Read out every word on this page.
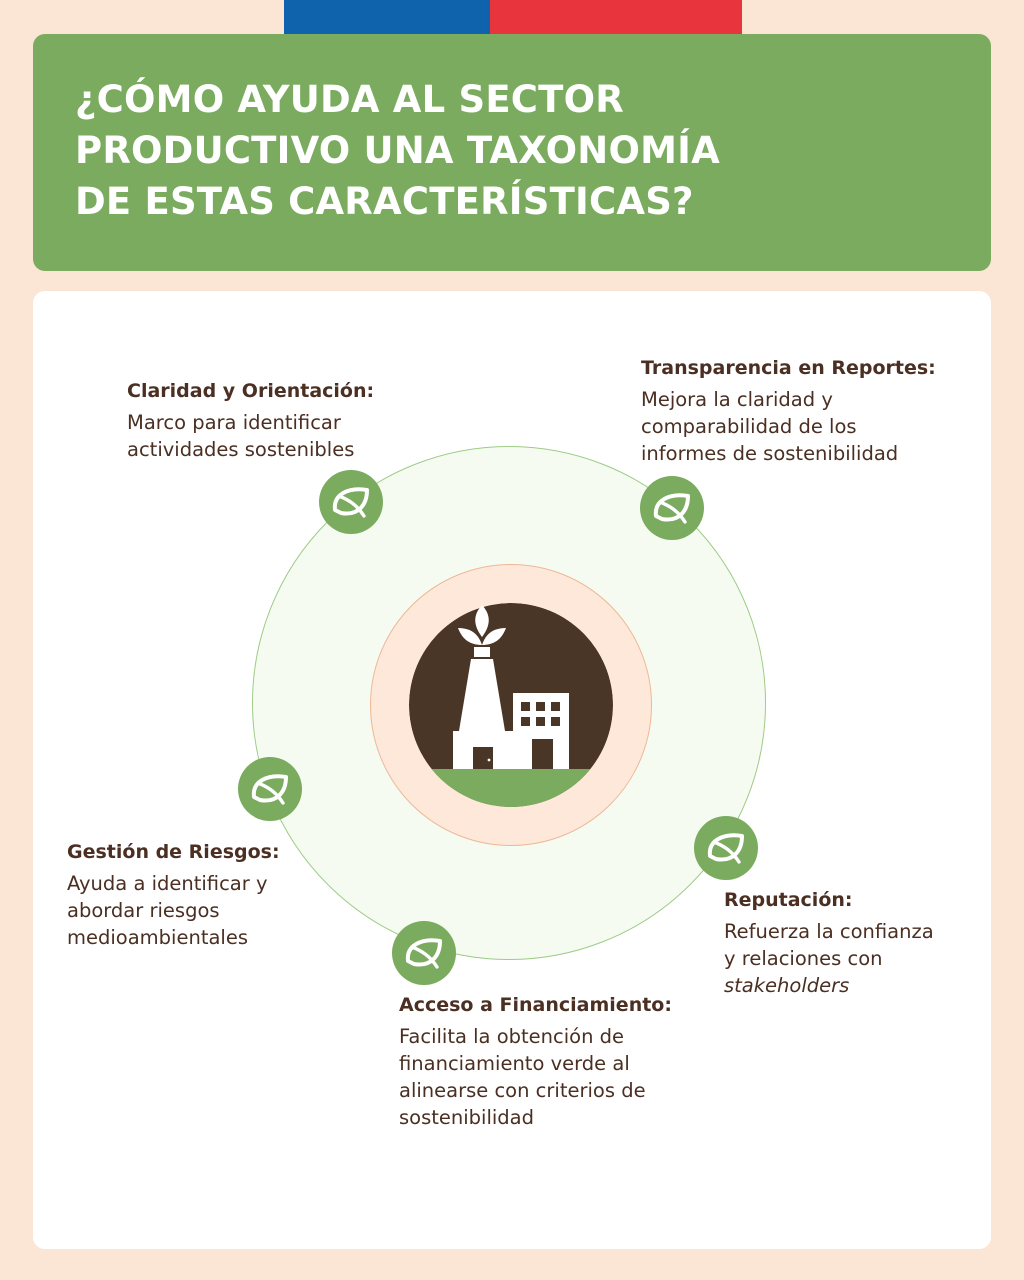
¿CÓMO AYUDA AL SECTOR
PRODUCTIVO UNA TAXONOMÍA
DE ESTAS CARACTERÍSTICAS?
Claridad y Orientación:

Marco para identificar
actividades sostenibles

Transparencia en Reportes:

Mejora la claridad y
comparabilidad de los
informes de sostenibilidad

Gestión de Riesgos:

Ayuda a identificar y
abordar riesgos
medioambientales

Reputación:

Refuerza la confianza
y relaciones con
stakeholders

Acceso a Financiamiento:

Facilita la obtención de
financiamiento verde al
alinearse con criterios de
sostenibilidad
